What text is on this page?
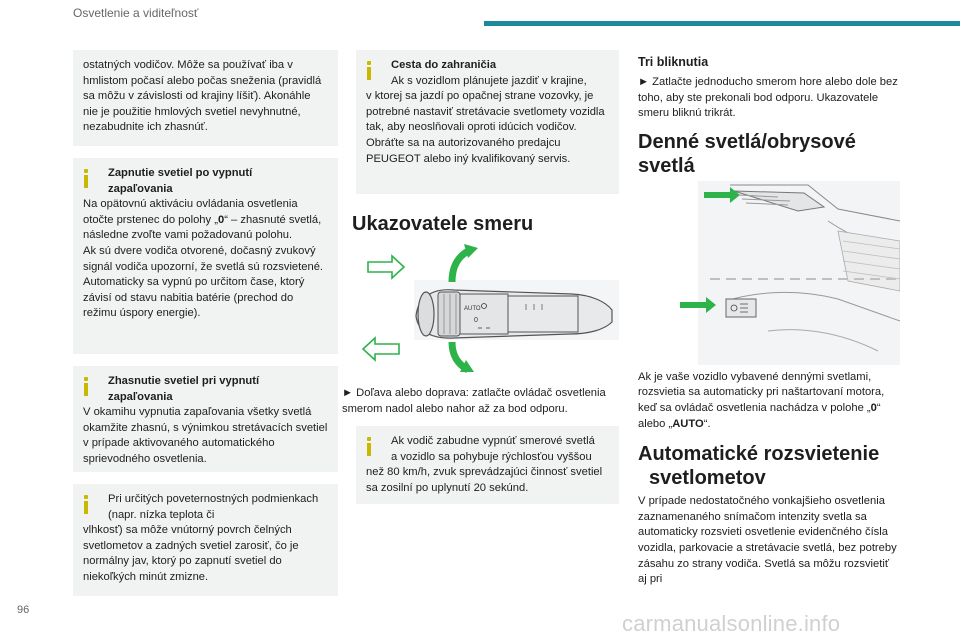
Osvetlenie a viditeľnosť

ostatných vodičov. Môže sa používať iba v hmlistom počasí alebo počas sneženia (pravidlá sa môžu v závislosti od krajiny líšiť). Akonáhle nie je použitie hmlových svetiel nevyhnutné, nezabudnite ich zhasnúť.

Zapnutie svetiel po vypnutí

zapaľovania

Na opätovnú aktiváciu ovládania osvetlenia otočte prstenec do polohy „0“ – zhasnuté svetlá, následne zvoľte vami požadovanú polohu.

Ak sú dvere vodiča otvorené, dočasný zvukový signál vodiča upozorní, že svetlá sú rozsvietené.

Automaticky sa vypnú po určitom čase, ktorý závisí od stavu nabitia batérie (prechod do režimu úspory energie).

Zhasnutie svetiel pri vypnutí

zapaľovania

V okamihu vypnutia zapaľovania všetky svetlá okamžite zhasnú, s výnimkou stretávacích svetiel v prípade aktivovaného automatického sprievodného osvetlenia.

Pri určitých poveternostných podmienkach (napr. nízka teplota či

vlhkosť) sa môže vnútorný povrch čelných svetlometov a zadných svetiel zarosiť, čo je normálny jav, ktorý po zapnutí svetiel do niekoľkých minút zmizne.

Cesta do zahraničia

Ak s vozidlom plánujete jazdiť v krajine,

v ktorej sa jazdí po opačnej strane vozovky, je potrebné nastaviť stretávacie svetlomety vozidla tak, aby neoslňovali oproti idúcich vodičov. Obráťte sa na autorizovaného predajcu PEUGEOT alebo iný kvalifikovaný servis.

Ukazovatele smeru
AUTO
0

► Doľava alebo doprava: zatlačte ovládač osvetlenia smerom nadol alebo nahor až za bod odporu.

Ak vodič zabudne vypnúť smerové svetlá

a vozidlo sa pohybuje rýchlosťou vyššou

než 80 km/h, zvuk sprevádzajúci činnosť svetiel sa zosilní po uplynutí 20 sekúnd.

Tri bliknutia

► Zatlačte jednoducho smerom hore alebo dole bez toho, aby ste prekonali bod odporu. Ukazovatele smeru bliknú trikrát.

Denné svetlá/obrysové
svetlá

Ak je vaše vozidlo vybavené dennými svetlami, rozsvietia sa automaticky pri naštartovaní motora, keď sa ovládač osvetlenia nachádza v polohe „0“ alebo „AUTO“.

Automatické rozsvietenie
svetlometov

V prípade nedostatočného vonkajšieho osvetlenia zaznamenaného snímačom intenzity svetla sa automaticky rozsvieti osvetlenie evidenčného čísla vozidla, parkovacie a stretávacie svetlá, bez potreby zásahu zo strany vodiča. Svetlá sa môžu rozsvietiť aj pri

96
carmanualsonline.info
